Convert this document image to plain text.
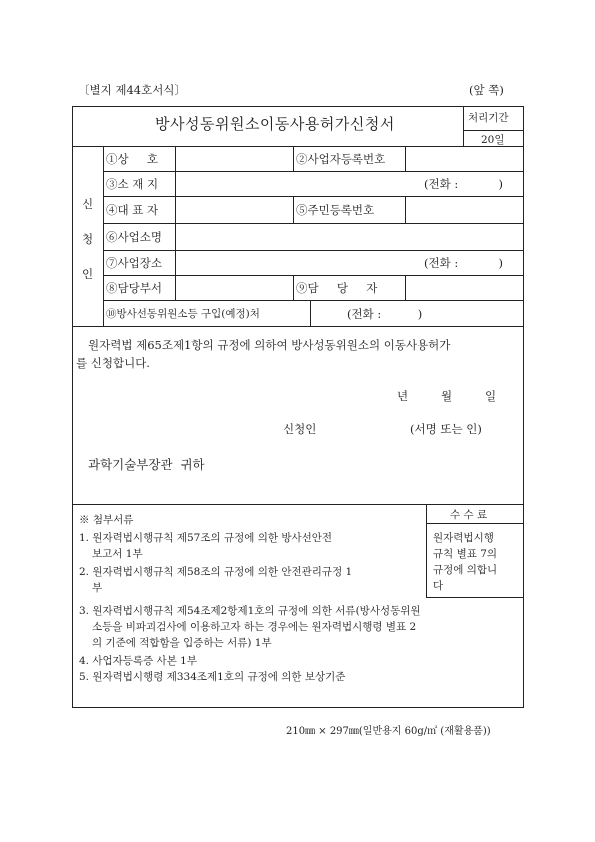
〔별지 제44호서식〕	(앞 쪽)
방사성동위원소이동사용허가신청서	처리기간
20일
신
청
인
①상     호	②사업자등록번호
③소 재 지	(전화 :           )
④대 표 자	⑤주민등록번호
⑥사업소명
⑦사업장소	(전화 :           )
⑧담당부서	⑨담     당     자
⑩방사선동위원소등 구입(예정)처	(전화 :          )
원자력법 제65조제1항의 규정에 의하여 방사성동위원소의 이동사용허가
를 신청합니다.
년	월	일
신청인	(서명 또는 인)
과학기술부장관  귀하
※ 첨부서류
1. 원자력법시행규칙 제57조의 규정에 의한 방사선안전
보고서 1부
2. 원자력법시행규칙 제58조의 규정에 의한 안전관리규정 1
부
3. 원자력법시행규칙 제54조제2항제1호의 규정에 의한 서류(방사성동위원
소등을 비파괴검사에 이용하고자 하는 경우에는 원자력법시행령 별표 2
의 기준에 적합함을 입증하는 서류) 1부
4. 사업자등록증 사본 1부
5. 원자력법시행령 제334조제1호의 규정에 의한 보상기준
수 수 료
원자력법시행
규칙 별표 7의
규정에 의합니
다
210㎜ × 297㎜(일반용지 60g/㎡ (재활용품))
